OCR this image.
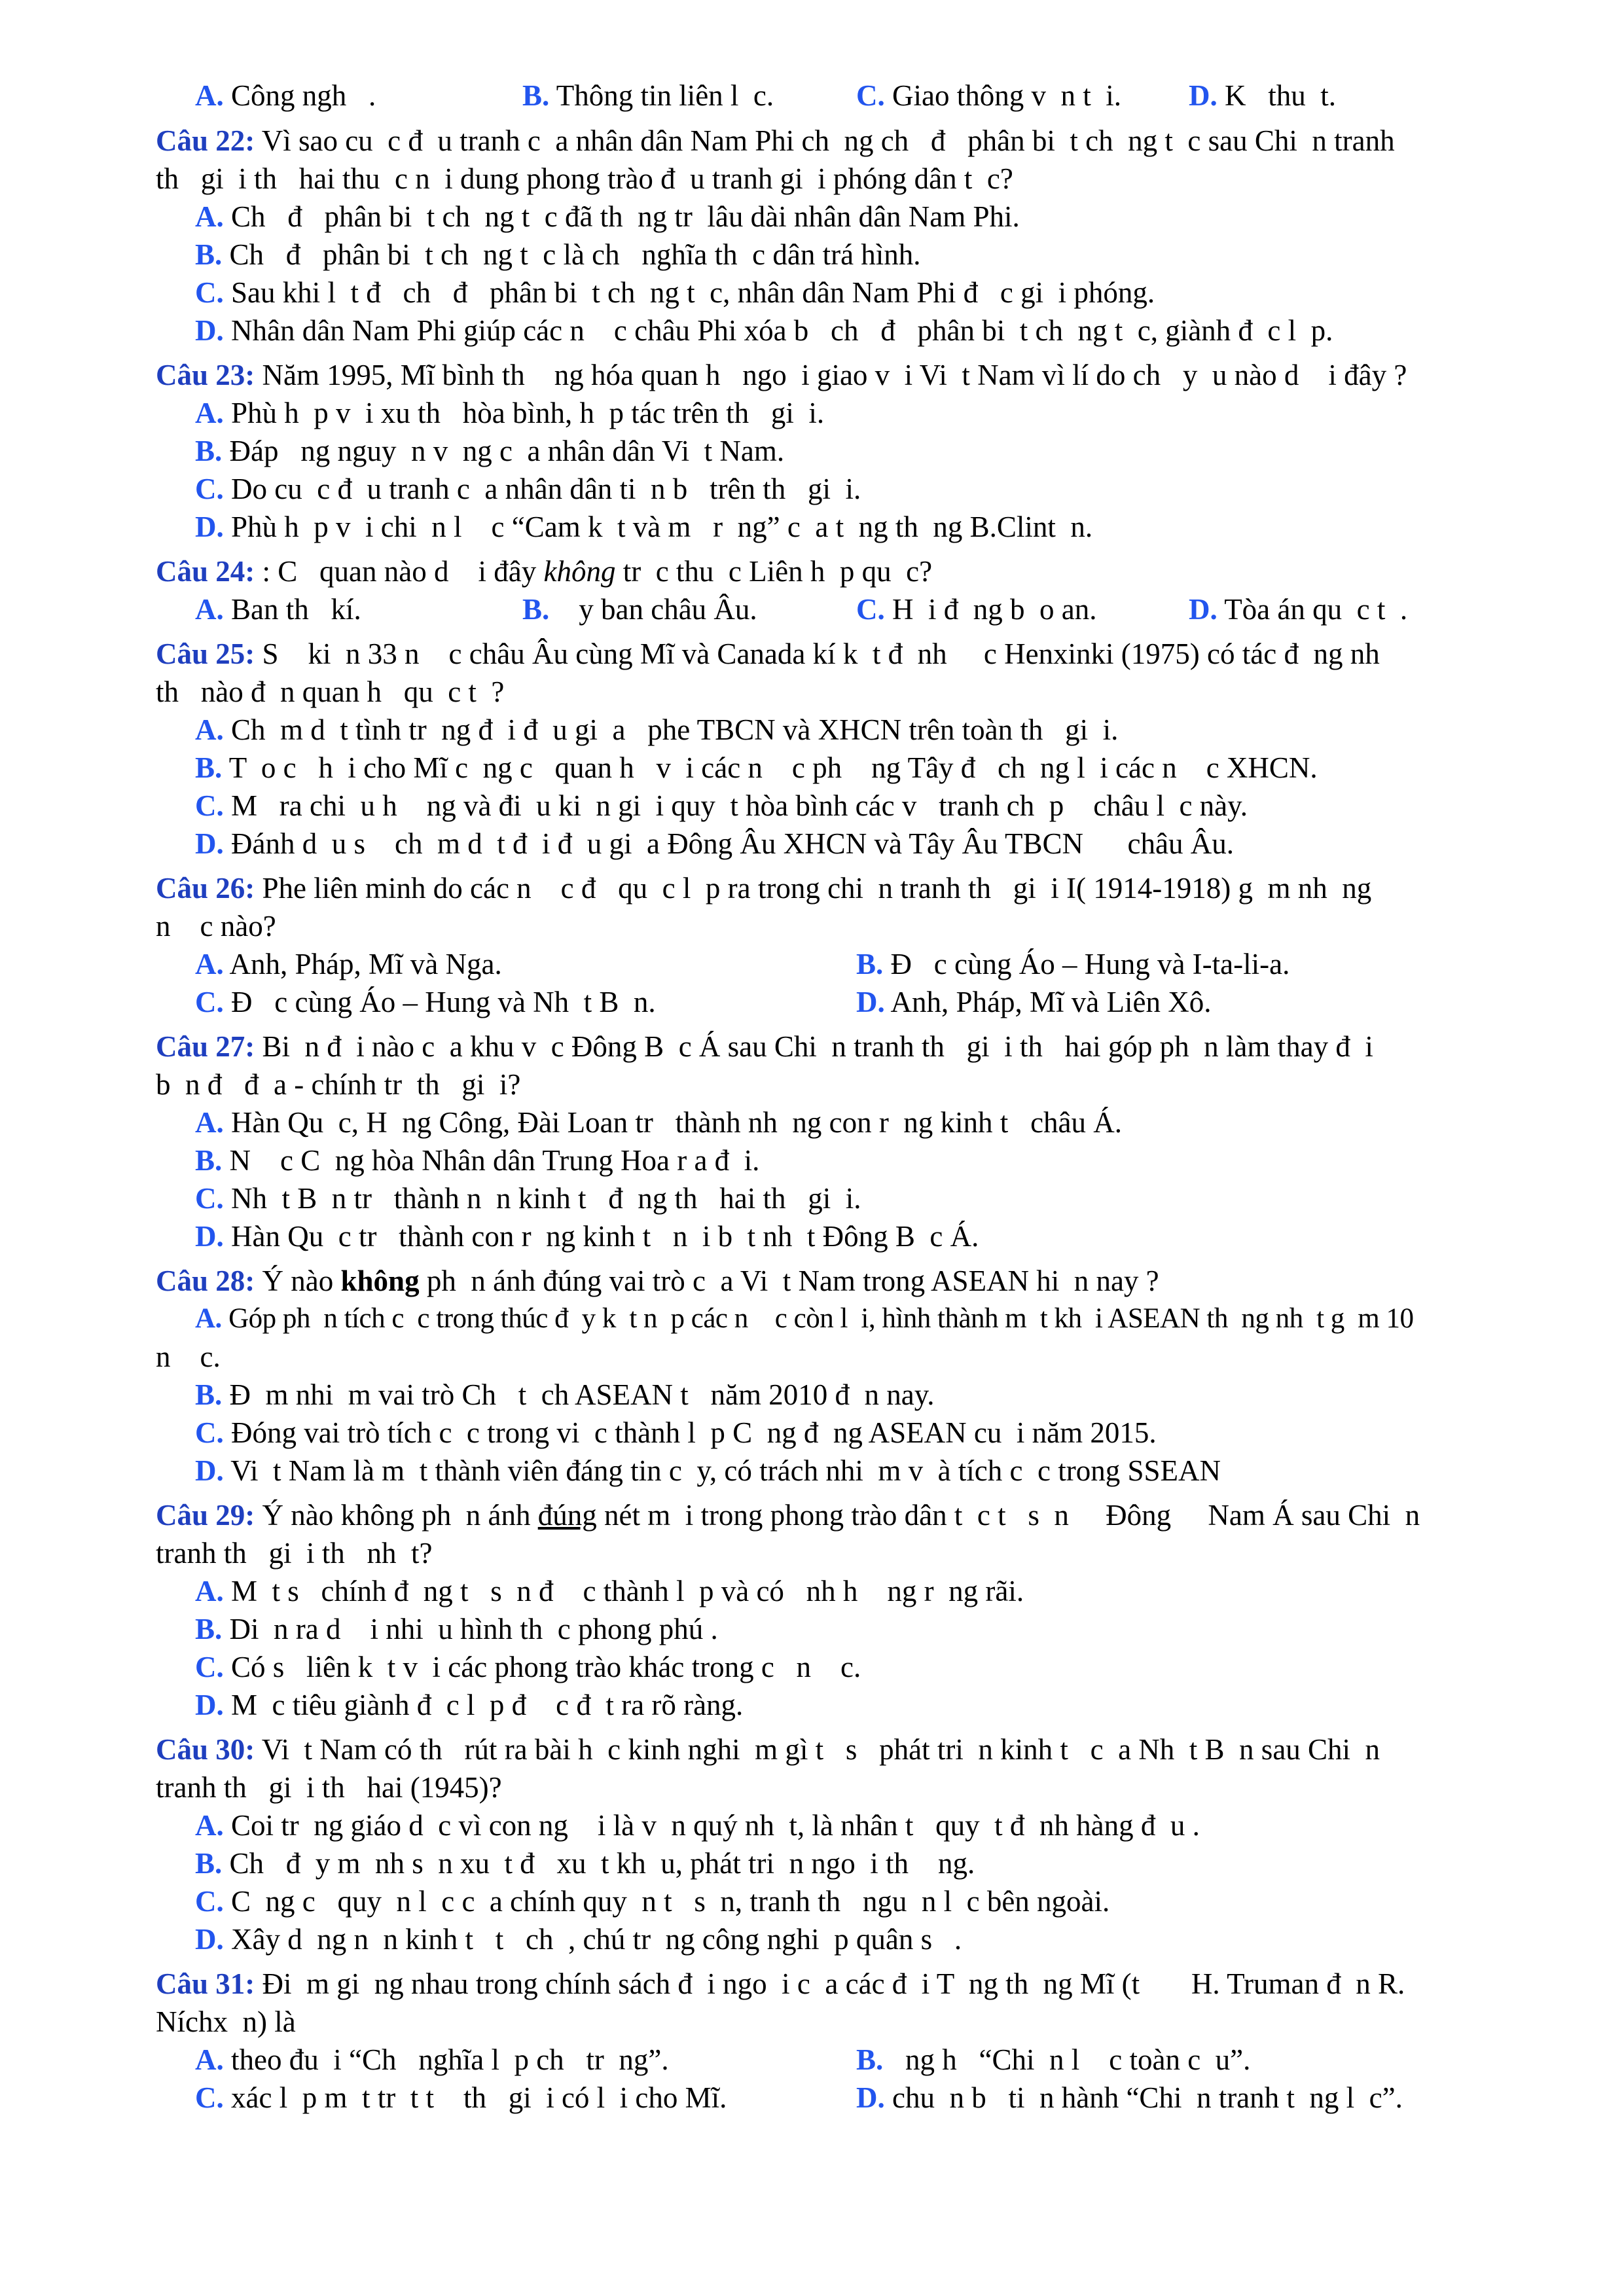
A. Công ngh   .	B. Thông tin liên l  c.	C. Giao thông v  n t  i. D. K   thu  t.
Câu 22: Vì sao cu  c đ  u tranh c  a nhân dân Nam Phi ch  ng ch   đ   phân bi  t ch  ng t  c sau Chi  n tranh
th   gi  i th   hai thu  c n  i dung phong trào đ  u tranh gi  i phóng dân t  c?
A. Ch   đ   phân bi  t ch  ng t  c đã th  ng tr  lâu dài nhân dân Nam Phi.
B. Ch   đ   phân bi  t ch  ng t  c là ch   nghĩa th  c dân trá hình.
C. Sau khi l  t đ   ch   đ   phân bi  t ch  ng t  c, nhân dân Nam Phi đ   c gi  i phóng.
D. Nhân dân Nam Phi giúp các n    c châu Phi xóa b   ch   đ   phân bi  t ch  ng t  c, giành đ  c l  p.
Câu 23: Năm 1995, Mĩ bình th    ng hóa quan h   ngo  i giao v  i Vi  t Nam vì lí do ch   y  u nào d    i đây ?
A. Phù h  p v  i xu th   hòa bình, h  p tác trên th   gi  i.
B. Đáp   ng nguy  n v  ng c  a nhân dân Vi  t Nam.
C. Do cu  c đ  u tranh c  a nhân dân ti  n b   trên th   gi  i.
D. Phù h  p v  i chi  n l    c “Cam k  t và m   r  ng” c  a t  ng th  ng B.Clint  n.
Câu 24: : C   quan nào d    i đây không tr  c thu  c Liên h  p qu  c?
A. Ban th   kí.	B.    y ban châu Âu.	C. H  i đ  ng b  o an.	D. Tòa án qu  c t  .
Câu 25: S    ki  n 33 n    c châu Âu cùng Mĩ và Canada kí k  t đ  nh     c Henxinki (1975) có tác đ  ng nh
th   nào đ  n quan h   qu  c t  ?
A. Ch  m d  t tình tr  ng đ  i đ  u gi  a   phe TBCN và XHCN trên toàn th   gi  i.
B. T  o c   h  i cho Mĩ c  ng c   quan h   v  i các n    c ph    ng Tây đ   ch  ng l  i các n    c XHCN.
C. M   ra chi  u h    ng và đi  u ki  n gi  i quy  t hòa bình các v   tranh ch  p    châu l  c này.
D. Đánh d  u s    ch  m d  t đ  i đ  u gi  a Đông Âu XHCN và Tây Âu TBCN      châu Âu.
Câu 26: Phe liên minh do các n    c đ   qu  c l  p ra trong chi  n tranh th   gi  i I( 1914-1918) g  m nh  ng
n    c nào?
A. Anh, Pháp, Mĩ và Nga.	B. Đ   c cùng Áo – Hung và I-ta-li-a.
C. Đ   c cùng Áo – Hung và Nh  t B  n.	D. Anh, Pháp, Mĩ và Liên Xô.
Câu 27: Bi  n đ  i nào c  a khu v  c Đông B  c Á sau Chi  n tranh th   gi  i th   hai góp ph  n làm thay đ  i
b  n đ   đ  a - chính tr  th   gi  i?
A. Hàn Qu  c, H  ng Công, Đài Loan tr   thành nh  ng con r  ng kinh t   châu Á.
B. N    c C  ng hòa Nhân dân Trung Hoa r a đ  i.
C. Nh  t B  n tr   thành n  n kinh t   đ  ng th   hai th   gi  i.
D. Hàn Qu  c tr   thành con r  ng kinh t   n  i b  t nh  t Đông B  c Á.
Câu 28: Ý nào không ph  n ánh đúng vai trò c  a Vi  t Nam trong ASEAN hi  n nay ?
A. Góp ph  n tích c  c trong thúc đ  y k  t n  p các n    c còn l  i, hình thành m  t kh  i ASEAN th  ng nh  t g  m 10
n    c.
B. Đ  m nhi  m vai trò Ch   t  ch ASEAN t   năm 2010 đ  n nay.
C. Đóng vai trò tích c  c trong vi  c thành l  p C  ng đ  ng ASEAN cu  i năm 2015.
D. Vi  t Nam là m  t thành viên đáng tin c  y, có trách nhi  m v  à tích c  c trong SSEAN
Câu 29: Ý nào không ph  n ánh đúng nét m  i trong phong trào dân t  c t   s  n     Đông     Nam Á sau Chi  n
tranh th   gi  i th   nh  t?
A. M  t s   chính đ  ng t   s  n đ    c thành l  p và có   nh h    ng r  ng rãi.
B. Di  n ra d    i nhi  u hình th  c phong phú .
C. Có s   liên k  t v  i các phong trào khác trong c   n    c.
D. M  c tiêu giành đ  c l  p đ    c đ  t ra rõ ràng.
Câu 30: Vi  t Nam có th   rút ra bài h  c kinh nghi  m gì t   s   phát tri  n kinh t   c  a Nh  t B  n sau Chi  n
tranh th   gi  i th   hai (1945)?
A. Coi tr  ng giáo d  c vì con ng    i là v  n quý nh  t, là nhân t   quy  t đ  nh hàng đ  u .
B. Ch   đ  y m  nh s  n xu  t đ   xu  t kh  u, phát tri  n ngo  i th    ng.
C. C  ng c   quy  n l  c c  a chính quy  n t   s  n, tranh th   ngu  n l  c bên ngoài.
D. Xây d  ng n  n kinh t   t   ch  , chú tr  ng công nghi  p quân s   .
Câu 31: Đi  m gi  ng nhau trong chính sách đ  i ngo  i c  a các đ  i T  ng th  ng Mĩ (t       H. Truman đ  n R.
Níchx  n) là
A. theo đu  i “Ch   nghĩa l  p ch   tr  ng”.	B.   ng h   “Chi  n l    c toàn c  u”.
C. xác l  p m  t tr  t t    th   gi  i có l  i cho Mĩ.	D. chu  n b   ti  n hành “Chi  n tranh t  ng l  c”.
